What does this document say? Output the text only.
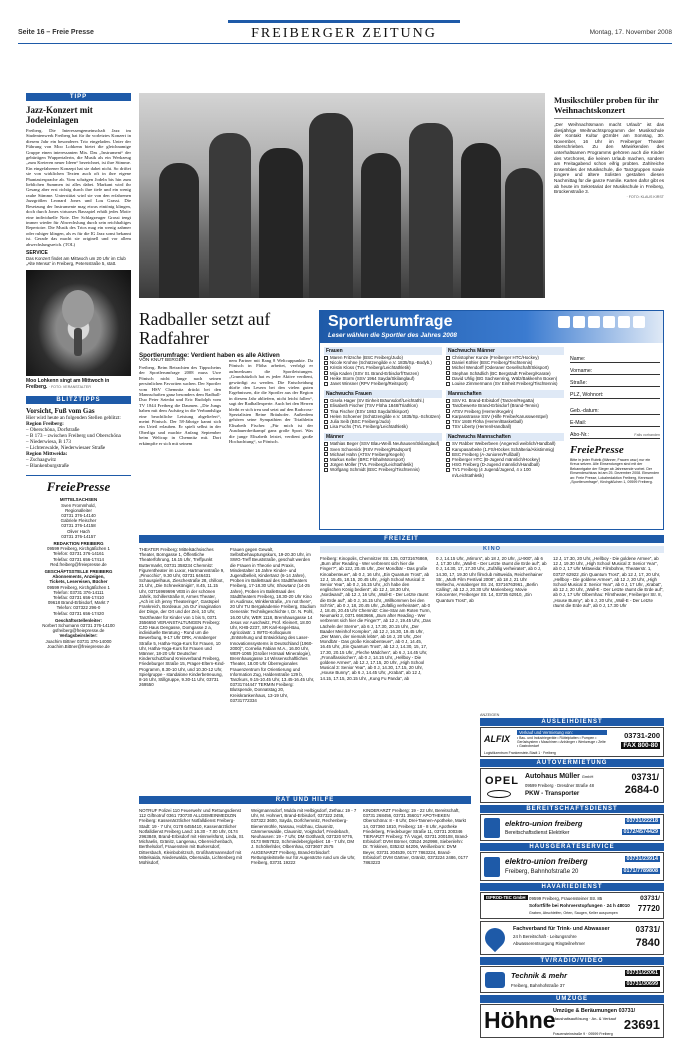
Seite 16 – Freie Presse	FREIBERGER ZEITUNG	Montag, 17. November 2008
TIPP
Jazz-Konzert mit Jodeleinlagen

Freiberg. Die Interessengemeinschaft Jazz im Studentenwerk Freiberg hat für ihr vorletztes Konzert in diesem Jahr ein besonderes Trio eingeladen. Unter der Führung von Moo Lohkenn bietet die gleichnamige Gruppe einen interessanten Mix. Das „Instrument“ der gebürtigen Wuppertalerin, die Musik als ein Werkzeug „zum Kreieren neuer Ideen“ bezeichnet, ist ihre Stimme. Ein eingefahrener Konzept hat sie dabei nicht. So driftet sie von wirklichen Texten auch oft in ihre eigene Phantasiesprache ab. Vom schrägen Jodeln bis hin zum lieblichen Summen ist alles dabei. Markant wird ihr Gesang aber erst richtig durch ihre tiefe und ein wenig rauhe Stimme. Unterstützt wird sie von den erfahrenen Jazzgrößen Leonard Jones und Lou Grassi. Die Besetzung der Instrumente mag etwas eintönig klingen, doch durch Jones virtuoses Bassspiel erhält jedes Motiv eine individuelle Note. Der Schlagzeuger Grassi tengt immer wieder für Abwechslung durch sein reichhaltiges Repertoire. Die Musik des Trios mag ein wenig zahmer oder ruhiger klingen, als es für die IG Jazz sonst bekannt ist. Gerade das macht sie originell und vor allem abwechslungsreich. (TOL)

SERVICE

Das Konzert findet am Mittwoch um 20 Uhr im Club „Alte Mensa“ in Freiberg, Petersstraße 5, statt.

Moo Lohkenn singt am Mittwoch in Freiberg. · FOTO: VERANSTALTER
BLITZTIPPS
Vorsicht, Fuß vom Gas
Hier wird heute an folgenden Stellen geblitzt:
Region Freiberg:
– Oberschöna, Dorfstraße
– B 173 – zwischen Freiberg und Oberschöna
– Niederwiesa, B 173
– Lichtenwalde, Niederwiesaer Straße
Region Mittweida:
– Zschaagwitz
– Blankenburgstraße
FreiePresse
MITTELSACHSEN
Sven Frommhold,
Regionalleiter
03731 376-14140
Gabriele Fleischer
03731 376-14158
Oliver Hach
03731 376-14157
REDAKTION FREIBERG
09599 Freiberg, Kirchgäßchen 1
Telefon: 03731 376-14161
Telefax: 03731 656-17414
Red.freiberg@freiepresse.de
GESCHÄFTSSTELLE FREIBERG
Abonnements, Anzeigen,
Tickets, Lesereisen, Bücher
09599 Freiberg, Kirchgäßchen 1
Telefon: 03731 376-14111
Telefax: 03731 656-17410
09618 Brand-Erbisdorf, Markt 7
Telefon: 037322 296-0
Telefax: 03731 656-17420
Geschäftsstellenleiter:
Norbert Schumann 03731 376-14100
gsfreiberg@freiepresse.de
Verlagsbeirsleiter:
Joachim Bittner 03731 376-14000
Joachim.Bittner@freiepresse.de
Musikschüler proben für ihr Weihnachtskonzert

„Der Weihnachtsmann macht Urlaub“ ist das diesjährige Weihnachtsprogramm der Musikschule der Kontakt Kultur gGmbH am Sonntag, 30. November, 16 Uhr im Freiberger Theater überschrieben. Zu den Mitwirkenden des unterhaltsamen Programms gehören auch die Kinder des Vorchores, die keinen Urlaub machen, sondern am Freitagabend schon eifrig probten. Zahlreiche Ensembles der Musikschule, die Tanzgruppen sowie jüngere und ältere Solisten gestalten diesen Nachmittag für die ganze Familie. Karten dafür gibt es ab heute im Sekretariat der Musikschule in Freiberg, Brückenstraße 3.

· FOTO: KLAUS KIRST
Radballer setzt auf Radfahrer
Sportlerumfrage: Verdient haben es alle Aktiven
VON KNUT BERGER

Freiberg. Beim Betrachten des Tippscheins der Sportlerumfrage 2008 muss Uwe Pönisch nicht lange nach seinen persönlichen Favoriten suchen. Der Sportler vom HSV Chemnitz drückt bei den Mannschaften ganz besonders dem Radball-Duo Peter Sziedat und Eric Rudolph vom TV 1844 Freiberg die Daumen. „Die Jungs haben mit dem Aufstieg in die Verbandsliga eine beachtliche Leistung abgeliefert“, meint Pönisch. Der 58-Jährige kannt sich ein Urteil erlauben. Er spielt selbst in der Oberliga und machte Anfang September beim Weltcup in Chemnitz mit. Dort erkämpfte er sich mit seinem

nem Partner mit Rang 8 Weltcuppunkte. Da Pönisch in Flöha arbeitet, verfolgt er aufmerksam die Sportleistungen. „Grundsätzlich hat es jeder Aktive verdient, gewürdigt zu werden. Die Entscheidung dürfte den Lesern bei den vielen guten Ergebnissen, die die Sportler aus der Region in diesem Jahr abliefern, nicht leicht fallen“, sagt der Radballexperte. Auch bei den Herren bleibt er sich treu und setzt auf den Radcross-Spezialisten Reine Bräuhofer. Außerdem gehören seine Sympathien der Triathletin Elisabeth Fischer. „Für mich ist der Ausdauerdreikampf ganz große Sport. Was die junge Elisabeth leistet, verdient große Hochachtung“, so Pönisch.

Sportlerumfrage
Leser wählen die Sportler des Jahres 2008
Frauen
Maren Fritzsche (BSC Freiberg/Judo)
Nicole Krohne (Schützengilde e.V. 1835/Sp.-Bodyb.)
Kristin Kloss (TVL Freiberg/Leichtathletik)
Mija Kaden (SSV St. Brand-Erbisdorf/Tanzen)
Heike Storm (SSV 1964 Sayda/Skilanglauf)
Janet Winsner (RPV Freiberg/Reitsport)
Nachwuchs Frauen
Gisela Hager (SV Einheit Bräunsdorf/Leichtathl.)
Elisabeth Fischer (TSV Flöha 1848/Triathlon)
Tina Fischer (ESV 1863 Sayda/Skisport)
Helen Schoener (Schützengilde e.V. 1835/Sp.-Schützen)
Julia Seib (BSC Freiberg/Judo)
Lisa Fuchs (TVL Freiberg/Leichtathletik)
Männer
Mathias Beger (SSV Blau-Weiß Neuhausen/Skilanglauf)
Sven Schoenick (RSV Freiberg/Radsport)
Michael Hahn (ATSV Freiberg/Kegeln)
Markus Keller (BRC Flöha/Motorsport)
Jürgen Möller (TVL Freiberg/Leichtathletik)
Wolfgang Schmidt (BSC Freiberg/Tischtennis)
Nachwuchs Männer
Christopher Kunze (Freiberger HTC/Hockey)
Daniel Köhler (BSC Freiberg/Tischtennis)
Michel Wendorff (Oderaner Gesellschaft/Skisport)
Stephan Schädlich (BC Bergstadt Freiberg/Karate)
David Uhlig (BG Sachsenring, Wälz/Bakkenhn Boxen)
Louise Zimmermann (SV Einheit Freiberg/Tischtennis)
Mannschaften
SSV Kt. Brand-Erbisdorf (Tanzen/Regatta)
Tanzbewerte Brand-Erbisdorf (Brand-Tennis)
ATSV Freiberg (Herren/Kegeln)
Karpasstrasse SSV (Hilfe Freibe/Karusswerstpel)
TSV 1848 Flöha (Herren/Basketball)
TSV Liberty (Herren/Handball)
Nachwuchs Mannschaften
SV Rabber Weiberbeen (Angeredi weiblich/Handball)
Karupasarbeite (1.FS/Höckes Schälteria/Akistimmig)
BSC Freiberg (A-Junioren/Fußball)
Freiberger HTC (B-Jugend männlich/Hockey)
HSG Freiberg (D-Jugend männlich/Handball)
TV1 Freiberg (4 Jugend/Jugend, 4 x 100 m/Leichtathletik)
Name:
Vorname:
Straße:
PLZ, Wohnort:
Geb.-datum:
E-Mail:
Abo-Nr.:	Falls vorhanden
FreiePresse
Bitte in jeder Rubrik (Männer, Frauen usw.) nur ein Kreuz setzen. Alle Einsendungen sind mit der Bekanntgabe der Sieger ab Jahresende vorbei. Der Einsendeschluss ist am 25. Dezember 2008. Einsenden an: Freie Presse, Lokalredaktion Freiberg, Kennwort „Sportlerumfrage“, Kirchgäßchen 1, 09599 Freiberg.
FREIZEIT
KINO

THEATER Freiberg: Mittelsächsisches Theater, Borngasse 1, Öffentliche Theaterführung, 16.15 Uhr, Treffpunkt Buttermarkt, 03731 358234 Chemnitz: Figurentheater im Luxor, Hartmannstraße 9, „Pinocchio“, 9.30 Uhr, 03731 646431 Schauspielhaus, Zieschestraße 28, chilloot, 21 Uhr, „Die Schneekönigin“, 8.45, 11.15 Uhr, 03716969696 VEB in der schönen Jahrik, Schillerstraße 8, Armes Theater, „Ach ist ich jenny Theateringe“, Gastspiel Frankreich, Bordeaux „Va Ou“ imagination der Dinge, der Ort und der Zeit, 10 Uhr, Tanztheater für Kinder von 1 bis 5, 0371 3556650 VERANSTALTUNGEN Freiberg: CJD Haus Dengasse, Domgasse 2 a, individuelle Beratung - Rund um die Bewerbung, 9-17 Uhr DRK, Annaberger Straße 5, Hatha-Yoga-Kurs für Frauen, 10 Uhr, Hatha-Yoga-Kurs für Frauen und Männer, 18-20 Uhr Deutscher Kinderschutzbund Kreisverband Freiberg, Friedeburger Straße 15, Prager-Eltern-Kind-Programm, 8.30-10 Uhr, und 10.30-12 Uhr, Spielgruppe - standalone Kinderbetreuung, 8-16 Uhr, Stillgruppe, 9.30-11 Uhr, 03731 269550

Frauen gegen Gewalt, Selbstbehauptungskurs, 19-20.30 Uhr, im SWG-Treff Beuststraße, geschult werden die Frauen in Theorie und Praxis, Mindestalter 16 Jahre Kinder- und Jugendbelleit, Kindertanz (6-14 Jahre), Proben im Ballettsaal des Stadttheaters Freiberg, 17-18.30 Uhr, Showtanz (14-25 Jahre), Proben im Ballettsaal des Stadttheaters Freiberg, 18.30-20 Uhr Kino im Audimax, Winklerstraße, „Im not there“, 20 Uhr TU Bergakademie Freiberg, Studium Generale: Technikgeschichte I, Dr. N. Pohl, 16.00 Uhr, WER 1118, Bremhausgasse 14 Jesus vor Auschwitz, Prof. Kleinert, 18.00 Uhr, KHB-2237, SR Karl-Kegel-Bau, Agricolastr. 1 IWTG-Kolloquium „Entstehung und Entwicklung des Laser-Innovationssystems in Deutschland (1960-2000)“, Cornelia Fabian M.A., 16.00 Uhr, WER-1065 (Großer Hörsaal Mineralogie), Brennhausgasse 14 Wissenschaftliches Theater, 18.00 Uhr Überregionales Frauenzentrum für Orientierung und Information Zug, Haldenstraße 129 b, Tanzkurs, 9.15-10.45 Uhr, 13.45-16.45 Uhr, 03731744447 TERMIN Freiberg: Blutspende, Donnatstag 20, Kreiskrankenhaus, 13-19 Uhr, 03731772334

Freiberg: Kinopolis, Chemnitzer Str. 135, 03731676869, „Bum after Reading - Wer verbrennt sich hier die Finger?“, ab 12J, 20.45 Uhr, „Der Mondbär - Das große Kinoabenteuer“, ab 0 J, 16 Uhr, „Ein Quantum Trost“, ab 12 J, 15.45, 18.15, 20.45 Uhr, „High School Musical 3: Senior Year“, ab 0 J, 16.15 Uhr, „Ich habe den englischen König bedient“, ab 12 J, 18.30 Uhr, „Nordwand“, ab 12 J, 16 Uhr, „Wall-E - Der Letzte räumt die Erde auf“, ab 0 J, 16.15 Uhr, „Willkommen bei den Sch’tis“, ab 0 J, 18, 20.45 Uhr, „Zufällig verheiratet“, ab 0 J, 18.45, 20.45 Uhr Chemnitz: Cine-Star am Roten Turm, Neumarkt 2, 0371 6663666, „Bum after Reading - Wer verbrennt sich hier die Finger?“, ab 12 J, 19.45 Uhr, „Das Lächeln der Sterne“, ab 6 J, 17.30, 20.15 Uhr, „Der Baader Meinhof Komplex“, ab 12 J, 16.30, 19.45 Uhr, „Der Mann, der niemals lebte“, ab 16 J, 20 Uhr, „Der Mondbär - Das große Kinoabenteuer“, ab 0 J, 14.45, 16.45 Uhr, „Ein Quantum Trost“, ab 12 J, 14.30, 15, 17, 17.30, 20.15 Uhr, „Fleche Mädchen“, ab 6 J, 14.45 Uhr, „Fronalfassischen“, ab 0 J, 14.15 Uhr, „Hellboy - Die goldene Armee“, ab 12 J, 17.15, 20 Uhr, „High School Musical 3: Senior Year“, ab 0 J, 14.30, 17.15, 20 Uhr, „House Bunny“, ab 6 J, 14.45 Uhr, „Krabat“, ab 12 J, 14.15, 17.15, 20.15 Uhr, „Kung Fu Panda“, ab

0 J, 14.15 Uhr, „Mirrors“, ab 18 J, 20 Uhr, „U-900“, ab 6 J, 17.30 Uhr, „Wall-E - Der Letzte räumt die Erde auf“, ab 0 J, 14.30, 17, 17.30 Uhr, „Zufällig verheiratet“, ab 0 J, 14.30, 17, 19.30 Uhr filmclub mittweida, Reichenhainer Str., „Muth Film Festival 2008“, ab 18 J, 21 Uhr Weltecho, Annaberger Str. 24, 03716763961, „Berlin Calling“, ab 12 J, 20.30 Uhr Marienberg: Movie Kinocenter, Freiberger Str. 14, 03735 62910, „Ein Quantum Trost“, ab

12 J, 17.30, 20 Uhr, „Hellboy - Die goldene Armee“, ab 12 J, 19.30 Uhr, „High School Musical 3: Senior Year“, ab 0 J, 17 Uhr Mittweida: Filmbühne, Theaterstr. 1, 03727 62922 „Ein Quantum Trost“, ab 12 J, 17, 20 Uhr, „Hellboy - Die goldene Armee“, ab 12 J, 20 Uhr, „High School Musical 3: Senior Year“, ab 0 J, 17 Uhr, „Krabat“, ab 12 J, 20 Uhr, „Wall-E - Der Letzte räumt die Erde auf“, ab 0 J, 17 Uhr Olbernhau: Filmtheater, Freiberger Str. 8, „House Bunny“, ab 6 J, 20 Uhr, „Wall-E - Der Letzte räumt die Erde auf“, ab 0 J, 17.30 Uhr

RAT UND HILFE

NOTRUF Polizei 110 Feuerwehr und Rettungsdienst 112 Giftnotruf 0361 730730 ALLGEMEINMEDIZIN Freiberg: Kassenärztlicher Notfalldienst Freiberg-Stadt: 19 - 7 Uhr, 0178 6455410, Kassenärztlicher Notfalldienst Freiberg Land: 16.30 - 7.00 Uhr, 0174 2963849, Brand-Erbisdorf mit Himmelsfürst, Linda, St. Michaelis, Gränitz, Langenau, Oberreichenbach, Berthelsdorf, Frauenstein mit Burkersdorf, Dittersbach, Kleinbobritzsch, Großhartmannsdorf mit Mittelsaida, Niederwalda, Obersaida, Lichtenberg mit Mühlsdorf,

Weigmannsdorf, Mulda mit Helbigsdorf, Zethau: 19 - 7 Uhr, M. Hohnert, Brand-Erbisdorf, 037322 2455, 037322 3600, Sayda, Dorfchemnitz, Rechenberg-Bienenmühle, Nassau, Holzhau, Clausnitz, Cämmerswalde, Clausnitz, Voigtsdorf, Friedebach, Neuhausen: 19 - 7 Uhr, DM Gotthardt, 037320 9776, 0173 9857822, Schmiedeberg/gebiet: 18 - 7 Uhr, DM J. Schöllerlrder, Olbernhau, 0373607 2575 AUGENARZT Freiberg, Brand-Erbisdorf: Rettungsleitstelle nur für Augenärzte rund um die Uhr, Freiberg, 03731 19222

KINDERARZT Freiberg: 19 - 22 Uhr, Bereitschaft, 03731 268456, 03731 356017 APOTHEKEN Oberschöna: 8 - 8 Uhr, Drei-Tannen-Apotheke, Markt 14, 037360 1810, Freiberg: 18 - 8 Uhr, Apotheke Friedeberg, Friedeburger Straße 11, 03731 200346 TIERARZT Freiberg: TÄ Vogel, 03731 200108, Brand-Erbisdorf: DVM Börner, 03524 262998, Siebenlehn: Dr. Triskinen, 035242 64206, Weißenborn: DVM Beyer, 03731 204539, 0177 7863224, Brand-Erbisdorf: DVM Gärtner, Gränitz, 0373224 2486, 0177 7863223

ANZEIGEN
AUSLEIHDIENST
ALFIX
Verkauf und Vermietung von:
• Bau- und Industriegeräte • Rüttelplatten • Pumpen • Gerüstsystem • Maschinen • Anhänger • Werkzeuge • Zelte • Gastrobedarf
Logistikzentrum Frankenstein-Stadt 1 · Freiberg
03731-200
FAX 800-80
AUTOVERMIETUNG
OPEL Autohaus Müller GmbH
09599 Freiberg · Dresdner Straße 48
PKW - Transporter
03731/
2684-0
BEREITSCHAFTSDIENST
elektro-union freiberg
Bereitschaftsdienst Elektriker
03731/22218
0172/4574429
HAUSGERÄTESERVICE
elektro-union freiberg
Freiberg, Bahnhofstraße 20
03731/23914
0171/7789808
HAVARIEDIENST
ISPROD-TEC GmbH 09599 Freiberg, Frauensteiner Str. 85
Sofortfilfe bei Rohrverstopfungen · 24 h 48010
Graben, Abschleifen, Orten, Saugen, Keller auspumpen
03731/
77720
Fachverband für Trink- und Abwasser
24 h Bereitschaft · Leitungsrohre
Abwasserentsorgung Ringteilnehmer
03731/
7840
TV/RADIO/VIDEO
Technik & mehr
Freiberg, Bahnhofstraße 37
03731/22061
03731/30699
UMZÜGE
Höhne
Umzüge & Beräumungen 03731/
Haushaltsauflösung · An- & Verkauf
Frauensteinstraße 9 · 09599 Freiberg
23691
